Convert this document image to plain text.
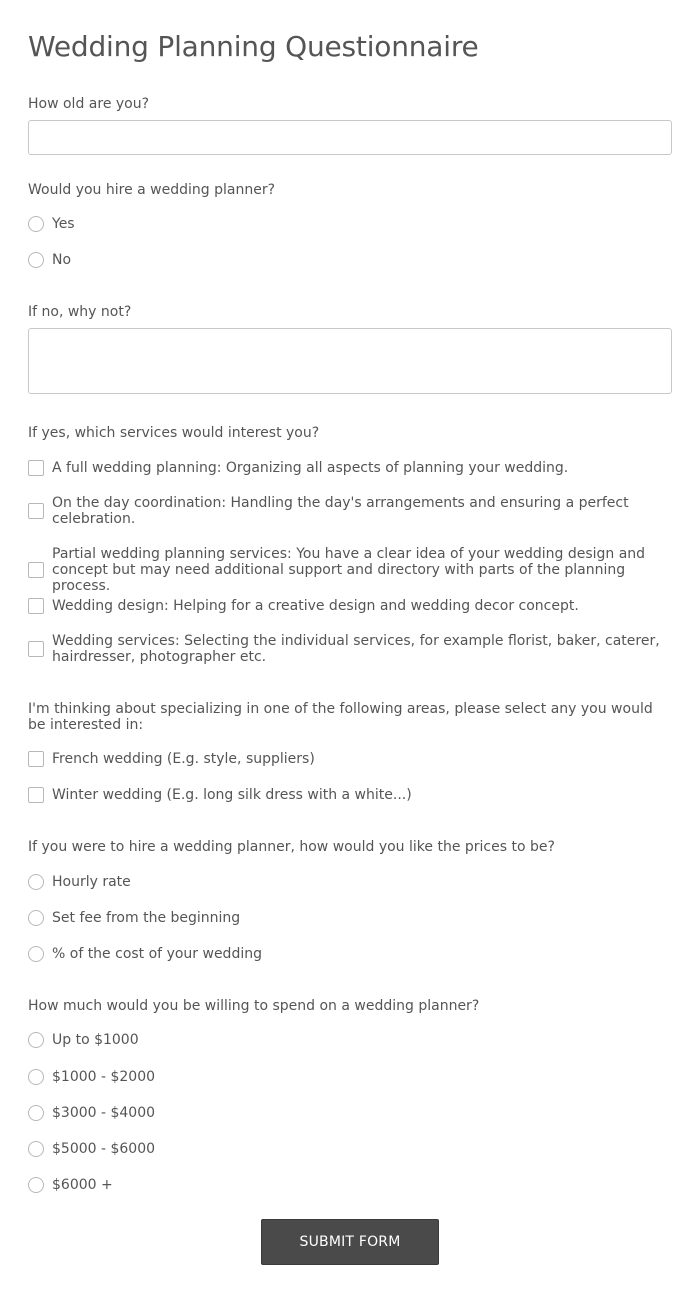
Wedding Planning Questionnaire
How old are you?
Would you hire a wedding planner?
Yes
No
If no, why not?
If yes, which services would interest you?
A full wedding planning: Organizing all aspects of planning your wedding.
On the day coordination: Handling the day's arrangements and ensuring a perfect celebration.
Partial wedding planning services: You have a clear idea of your wedding design and concept but may need additional support and directory with parts of the planning process.
Wedding design: Helping for a creative design and wedding decor concept.
Wedding services: Selecting the individual services, for example florist, baker, caterer, hairdresser, photographer etc.
I'm thinking about specializing in one of the following areas, please select any you would be interested in:
French wedding (E.g. style, suppliers)
Winter wedding (E.g. long silk dress with a white...)
If you were to hire a wedding planner, how would you like the prices to be?
Hourly rate
Set fee from the beginning
% of the cost of your wedding
How much would you be willing to spend on a wedding planner?
Up to $1000
$1000 - $2000
$3000 - $4000
$5000 - $6000
$6000 +
SUBMIT FORM
